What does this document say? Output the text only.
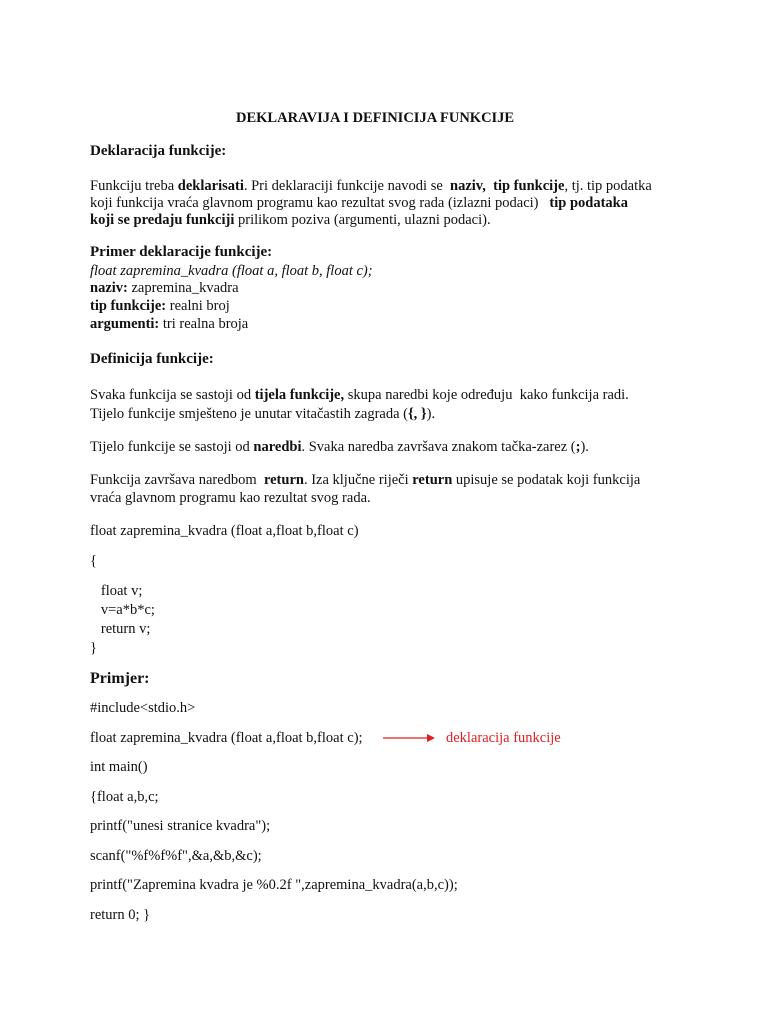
DEKLARAVIJA I DEFINICIJA FUNKCIJE
Deklaracija funkcije:
Funkciju treba deklarisati. Pri deklaraciji funkcije navodi se  naziv,  tip funkcije, tj. tip podatka
koji funkcija vraća glavnom programu kao rezultat svog rada (izlazni podaci)   tip podataka
koji se predaju funkciji prilikom poziva (argumenti, ulazni podaci).
Primer deklaracije funkcije:
float zapremina_kvadra (float a, float b, float c);
naziv: zapremina_kvadra
tip funkcije: realni broj
argumenti: tri realna broja
Definicija funkcije:
Svaka funkcija se sastoji od tijela funkcije, skupa naredbi koje određuju  kako funkcija radi.
Tijelo funkcije smješteno je unutar vitačastih zagrada ({, }).
Tijelo funkcije se sastoji od naredbi. Svaka naredba završava znakom tačka-zarez (;).
Funkcija završava naredbom  return. Iza ključne riječi return upisuje se podatak koji funkcija
vraća glavnom programu kao rezultat svog rada.
float zapremina_kvadra (float a,float b,float c)
{
float v;
v=a*b*c;
return v;
}
Primjer:
#include<stdio.h>
float zapremina_kvadra (float a,float b,float c);	deklaracija funkcije
int main()
{float a,b,c;
printf("unesi stranice kvadra");
scanf("%f%f%f",&a,&b,&c);
printf("Zapremina kvadra je %0.2f ",zapremina_kvadra(a,b,c));
return 0; }
